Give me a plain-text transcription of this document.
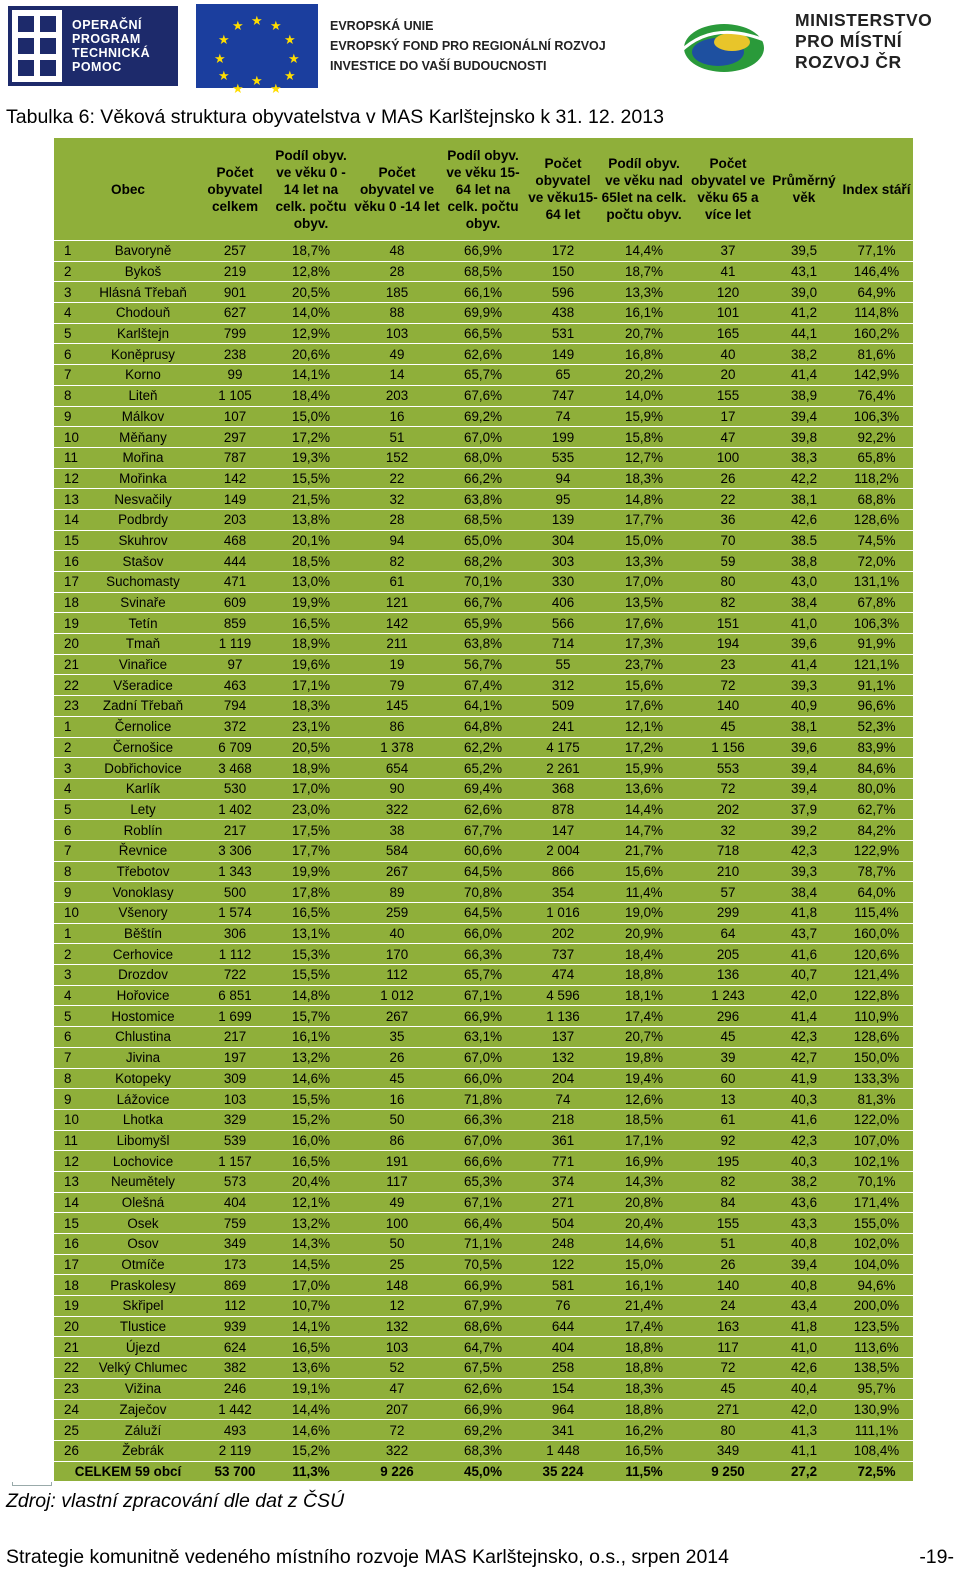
OPERAČNÍ
PROGRAM
TECHNICKÁ
POMOC
★ ★
★
★
★
★
★
★
★
★
★
★	EVROPSKÁ UNIE
EVROPSKÝ FOND PRO REGIONÁLNÍ ROZVOJ
INVESTICE DO VAŠÍ BUDOUCNOSTI
MINISTERSTVO
PRO MÍSTNÍ
ROZVOJ ČR
Tabulka 6: Věková struktura obyvatelstva v MAS Karlštejnsko k 31. 12. 2013
	Obec		Počet obyvatel celkem	Podíl obyv. ve věku 0 - 14 let na celk. počtu obyv.	Počet obyvatel ve věku 0 -14 let	Podíl obyv. ve věku 15- 64 let na celk. počtu obyv.	Počet obyvatel ve věku15- 64 let	Podíl obyv. ve věku nad 65let na celk. počtu obyv.	Počet obyvatel ve věku 65 a více let	Průměrný věk	Index stáří
	1	Bavoryně	257	18,7%	48	66,9%	172	14,4%	37	39,5	77,1%
	2	Bykoš	219	12,8%	28	68,5%	150	18,7%	41	43,1	146,4%
	3	Hlásná Třebaň	901	20,5%	185	66,1%	596	13,3%	120	39,0	64,9%
	4	Chodouň	627	14,0%	88	69,9%	438	16,1%	101	41,2	114,8%
	5	Karlštejn	799	12,9%	103	66,5%	531	20,7%	165	44,1	160,2%
	6	Koněprusy	238	20,6%	49	62,6%	149	16,8%	40	38,2	81,6%
	7	Korno	99	14,1%	14	65,7%	65	20,2%	20	41,4	142,9%
	8	Liteň	1 105	18,4%	203	67,6%	747	14,0%	155	38,9	76,4%
	9	Málkov	107	15,0%	16	69,2%	74	15,9%	17	39,4	106,3%
	10	Měňany	297	17,2%	51	67,0%	199	15,8%	47	39,8	92,2%
	11	Mořina	787	19,3%	152	68,0%	535	12,7%	100	38,3	65,8%
	12	Mořinka	142	15,5%	22	66,2%	94	18,3%	26	42,2	118,2%
	13	Nesvačily	149	21,5%	32	63,8%	95	14,8%	22	38,1	68,8%
	14	Podbrdy	203	13,8%	28	68,5%	139	17,7%	36	42,6	128,6%
	15	Skuhrov	468	20,1%	94	65,0%	304	15,0%	70	38.5	74,5%
	16	Stašov	444	18,5%	82	68,2%	303	13,3%	59	38,8	72,0%
	17	Suchomasty	471	13,0%	61	70,1%	330	17,0%	80	43,0	131,1%
	18	Svinaře	609	19,9%	121	66,7%	406	13,5%	82	38,4	67,8%
	19	Tetín	859	16,5%	142	65,9%	566	17,6%	151	41,0	106,3%
	20	Tmaň	1 119	18,9%	211	63,8%	714	17,3%	194	39,6	91,9%
	21	Vinařice	97	19,6%	19	56,7%	55	23,7%	23	41,4	121,1%
	22	Všeradice	463	17,1%	79	67,4%	312	15,6%	72	39,3	91,1%
	23	Zadní Třebaň	794	18,3%	145	64,1%	509	17,6%	140	40,9	96,6%
	1	Černolice	372	23,1%	86	64,8%	241	12,1%	45	38,1	52,3%
	2	Černošice	6 709	20,5%	1 378	62,2%	4 175	17,2%	1 156	39,6	83,9%
	3	Dobřichovice	3 468	18,9%	654	65,2%	2 261	15,9%	553	39,4	84,6%
	4	Karlík	530	17,0%	90	69,4%	368	13,6%	72	39,4	80,0%
	5	Lety	1 402	23,0%	322	62,6%	878	14,4%	202	37,9	62,7%
	6	Roblín	217	17,5%	38	67,7%	147	14,7%	32	39,2	84,2%
	7	Řevnice	3 306	17,7%	584	60,6%	2 004	21,7%	718	42,3	122,9%
	8	Třebotov	1 343	19,9%	267	64,5%	866	15,6%	210	39,3	78,7%
	9	Vonoklasy	500	17,8%	89	70,8%	354	11,4%	57	38,4	64,0%
	10	Všenory	1 574	16,5%	259	64,5%	1 016	19,0%	299	41,8	115,4%
	1	Běštín	306	13,1%	40	66,0%	202	20,9%	64	43,7	160,0%
	2	Cerhovice	1 112	15,3%	170	66,3%	737	18,4%	205	41,6	120,6%
	3	Drozdov	722	15,5%	112	65,7%	474	18,8%	136	40,7	121,4%
	4	Hořovice	6 851	14,8%	1 012	67,1%	4 596	18,1%	1 243	42,0	122,8%
	5	Hostomice	1 699	15,7%	267	66,9%	1 136	17,4%	296	41,4	110,9%
	6	Chlustina	217	16,1%	35	63,1%	137	20,7%	45	42,3	128,6%
	7	Jivina	197	13,2%	26	67,0%	132	19,8%	39	42,7	150,0%
	8	Kotopeky	309	14,6%	45	66,0%	204	19,4%	60	41,9	133,3%
	9	Lážovice	103	15,5%	16	71,8%	74	12,6%	13	40,3	81,3%
	10	Lhotka	329	15,2%	50	66,3%	218	18,5%	61	41,6	122,0%
	11	Libomyšl	539	16,0%	86	67,0%	361	17,1%	92	42,3	107,0%
	12	Lochovice	1 157	16,5%	191	66,6%	771	16,9%	195	40,3	102,1%
	13	Neumětely	573	20,4%	117	65,3%	374	14,3%	82	38,2	70,1%
	14	Olešná	404	12,1%	49	67,1%	271	20,8%	84	43,6	171,4%
	15	Osek	759	13,2%	100	66,4%	504	20,4%	155	43,3	155,0%
	16	Osov	349	14,3%	50	71,1%	248	14,6%	51	40,8	102,0%
	17	Otmíče	173	14,5%	25	70,5%	122	15,0%	26	39,4	104,0%
	18	Praskolesy	869	17,0%	148	66,9%	581	16,1%	140	40,8	94,6%
	19	Skřipel	112	10,7%	12	67,9%	76	21,4%	24	43,4	200,0%
	20	Tlustice	939	14,1%	132	68,6%	644	17,4%	163	41,8	123,5%
	21	Újezd	624	16,5%	103	64,7%	404	18,8%	117	41,0	113,6%
	22	Velký Chlumec	382	13,6%	52	67,5%	258	18,8%	72	42,6	138,5%
	23	Vižina	246	19,1%	47	62,6%	154	18,3%	45	40,4	95,7%
	24	Zaječov	1 442	14,4%	207	66,9%	964	18,8%	271	42,0	130,9%
	25	Záluží	493	14,6%	72	69,2%	341	16,2%	80	41,3	111,1%
	26	Žebrák	2 119	15,2%	322	68,3%	1 448	16,5%	349	41,1	108,4%
	CELKEM 59 obcí		53 700	11,3%	9 226	45,0%	35 224	11,5%	9 250	27,2	72,5%
Zdroj: vlastní zpracování dle dat z ČSÚ
Strategie komunitně vedeného místního rozvoje MAS Karlštejnsko, o.s., srpen 2014	-19-
